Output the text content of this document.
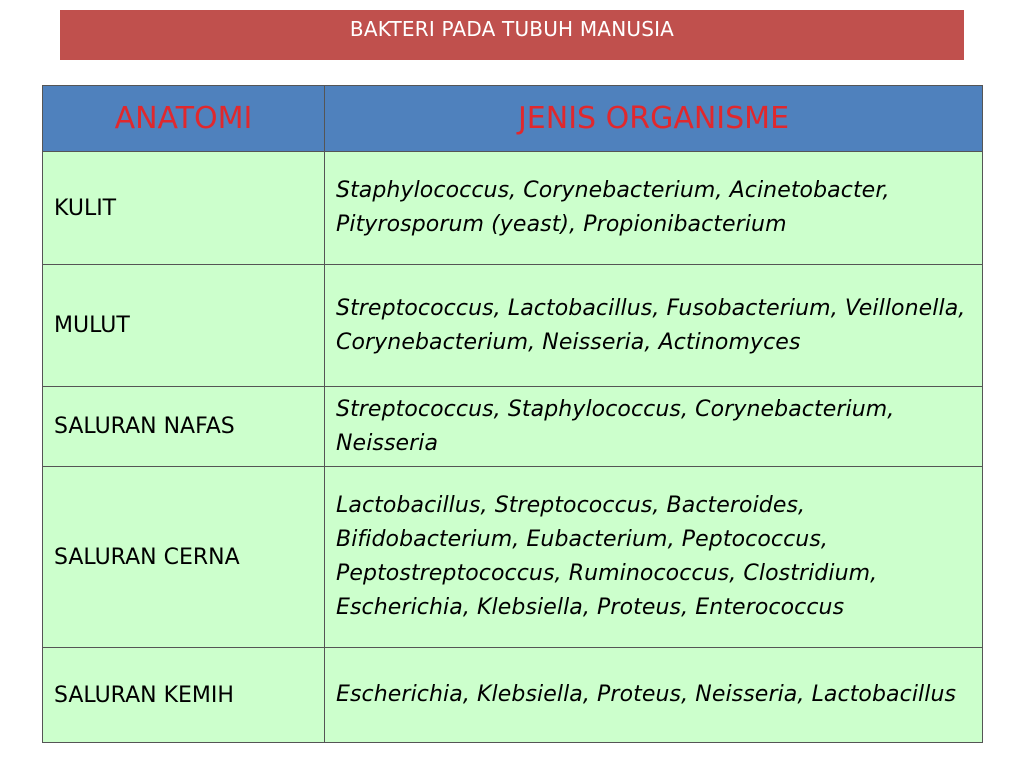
BAKTERI PADA TUBUH MANUSIA
ANATOMI	JENIS ORGANISME
KULIT	Staphylococcus, Corynebacterium, Acinetobacter, Pityrosporum (yeast), Propionibacterium
MULUT	Streptococcus, Lactobacillus, Fusobacterium, Veillonella, Corynebacterium, Neisseria, Actinomyces
SALURAN NAFAS	Streptococcus, Staphylococcus, Corynebacterium, Neisseria
SALURAN CERNA	Lactobacillus, Streptococcus, Bacteroides, Bifidobacterium, Eubacterium, Peptococcus, Peptostreptococcus, Ruminococcus, Clostridium, Escherichia, Klebsiella, Proteus, Enterococcus
SALURAN KEMIH	Escherichia, Klebsiella, Proteus, Neisseria, Lactobacillus
